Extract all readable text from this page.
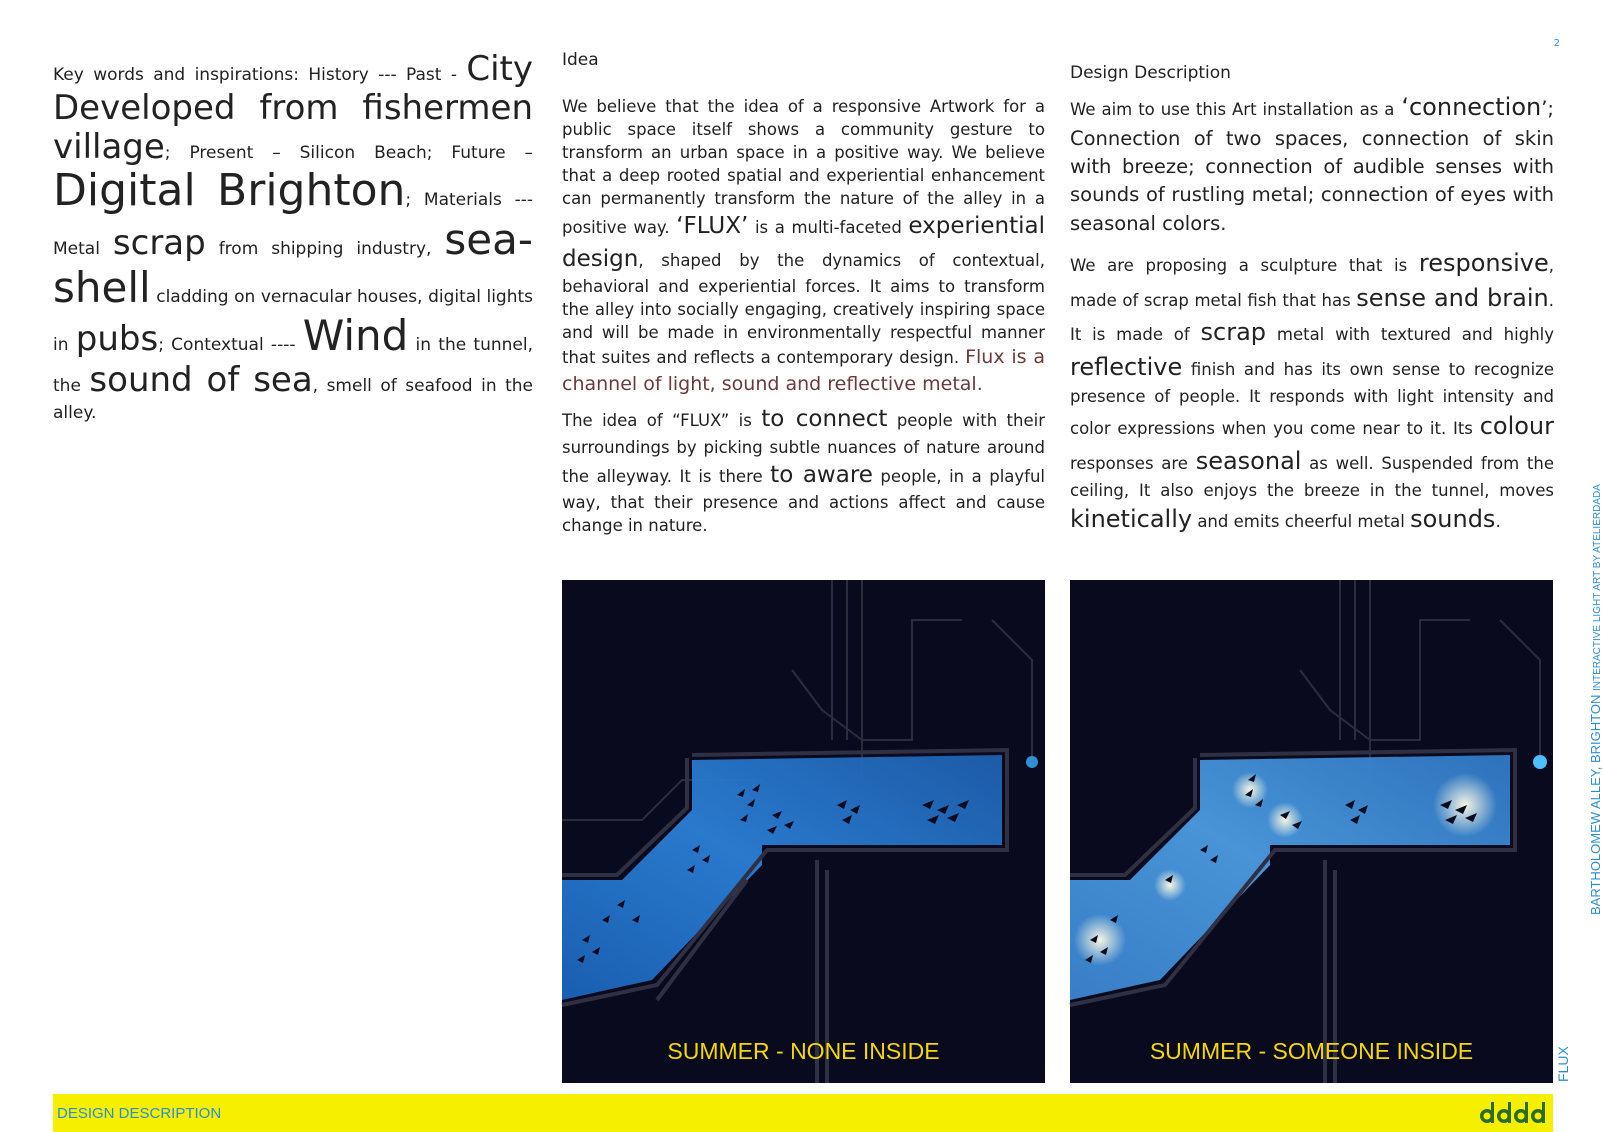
2
Key words and inspirations: History --- Past - City Developed from fishermen village; Present – Silicon Beach; Future – Digital Brighton; Materials --- Metal scrap from shipping industry, sea-shell cladding on vernacular houses, digital lights in pubs; Contextual ---- Wind in the tunnel, the sound of sea, smell of seafood in the alley.
Idea

We believe that the idea of a responsive Artwork for a public space itself shows a community gesture to transform an urban space in a positive way. We believe that a deep rooted spatial and experiential enhancement can permanently transform the nature of the alley in a positive way. ‘FLUX’ is a multi-faceted experiential design, shaped by the dynamics of contextual, behavioral and experiential forces. It aims to transform the alley into socially engaging, creatively inspiring space and will be made in environmentally respectful manner that suites and reflects a contemporary design. Flux is a channel of light, sound and reflective metal.

The idea of “FLUX” is to connect people with their surroundings by picking subtle nuances of nature around the alleyway. It is there to aware people, in a playful way, that their presence and actions affect and cause change in nature.

Design Description

We aim to use this Art installation as a ‘connection’; Connection of two spaces, connection of skin with breeze; connection of audible senses with sounds of rustling metal; connection of eyes with seasonal colors.

We are proposing a sculpture that is responsive, made of scrap metal fish that has sense and brain. It is made of scrap metal with textured and highly reflective finish and has its own sense to recognize presence of people. It responds with light intensity and color expressions when you come near to it. Its colour responses are seasonal as well. Suspended from the ceiling, It also enjoys the breeze in the tunnel, moves kinetically and emits cheerful metal sounds.

SUMMER - NONE INSIDE	SUMMER - SOMEONE INSIDE
BARTHOLOMEW ALLEY, BRIGHTON INTERACTIVE LIGHT ART BY ATELIERDADA
FLUX
DESIGN DESCRIPTION
